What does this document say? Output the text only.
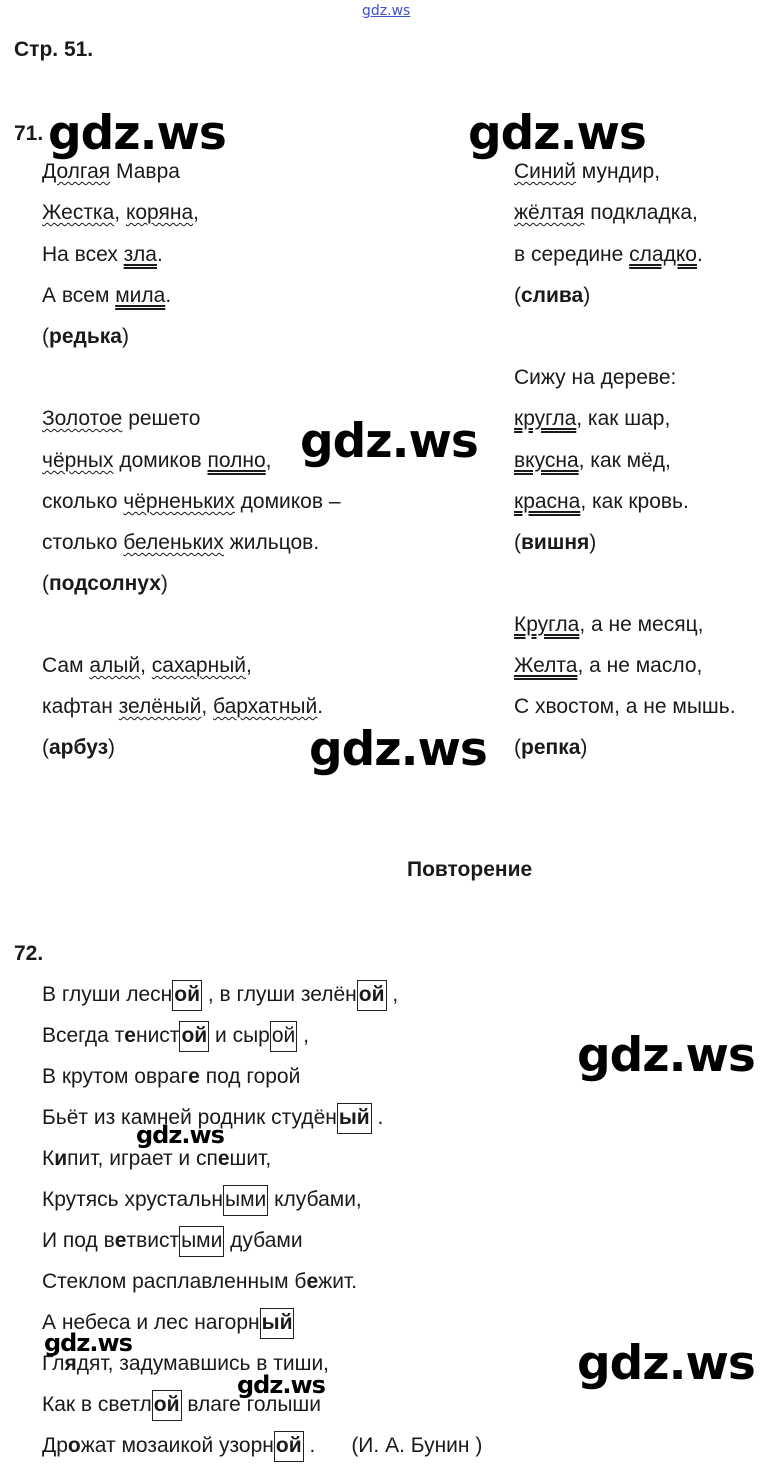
gdz.ws
Стр. 51.
71.
Долгая Мавра
Жестка, коряна,
На всех зла.
А всем мила.
(редька)
Золотое решето
чёрных домиков полно,
сколько чёрненьких домиков –
столько беленьких жильцов.
(подсолнух)
Сам алый, сахарный,
кафтан зелёный, бархатный.
(арбуз)
Синий мундир,
жёлтая подкладка,
в середине сладко.
(слива)
Сижу на дереве:
кругла, как шар,
вкусна, как мёд,
красна, как кровь.
(вишня)
Кругла, а не месяц,
Желта, а не масло,
С хвостом, а не мышь.
(репка)
Повторение
72.
В глуши лесной , в глуши зелёной ,
Всегда тенистой и сырой ,
В крутом овраге под горой
Бьёт из камней родник студёный .
Кипит, играет и спешит,
Крутясь хрустальными клубами,
И под ветвистыми дубами
Стеклом расплавленным бежит.
А небеса и лес нагорный
Глядят, задумавшись в тиши,
Как в светлой влаге голыши
Дрожат мозаикой узорной . (И. А. Бунин )
gdz.ws	gdz.ws
gdz.ws
gdz.ws
gdz.ws
gdz.ws
gdz.ws	gdz.ws
gdz.ws
